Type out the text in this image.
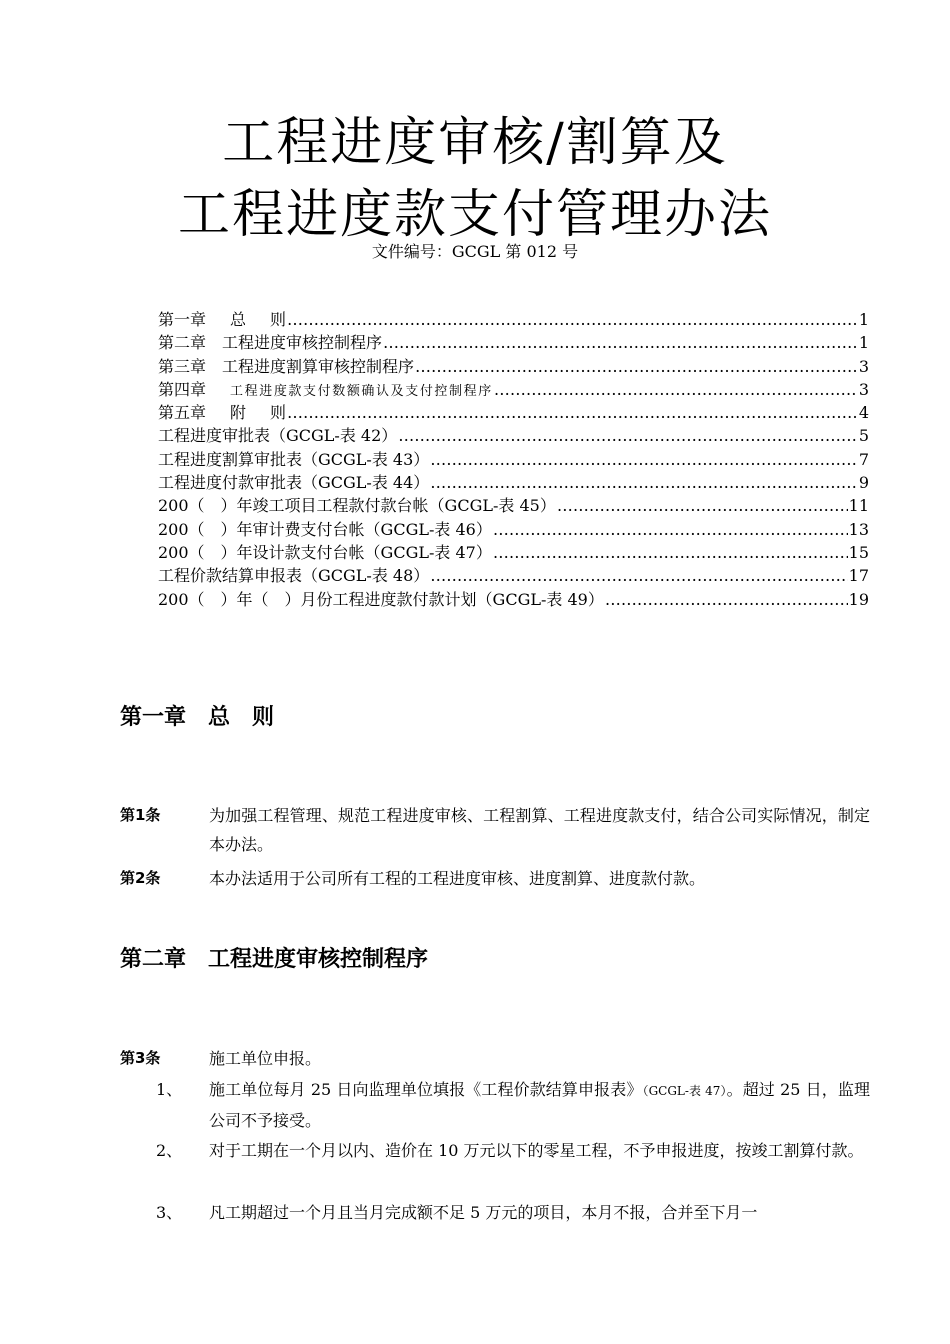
工程进度审核/割算及
工程进度款支付管理办法
文件编号：GCGL 第 012 号
第一章 总 则 ……………………………………………………………………………………………………………………………………………………………………………………………………………………………………	1
第二章　工程进度审核控制程序 ……………………………………………………………………………………………………………………………………………………………………………………………………………………………………	1
第三章　工程进度割算审核控制程序 ……………………………………………………………………………………………………………………………………………………………………………………………………………………………………	3
第四章 工程进度款支付数额确认及支付控制程序 ……………………………………………………………………………………………………………………………………………………………………………………………………………………………………	3
第五章 附 则 ……………………………………………………………………………………………………………………………………………………………………………………………………………………………………	4
工程进度审批表（GCGL-表 42） ……………………………………………………………………………………………………………………………………………………………………………………………………………………………………	5
工程进度割算审批表（GCGL-表 43） ……………………………………………………………………………………………………………………………………………………………………………………………………………………………………	7
工程进度付款审批表（GCGL-表 44） ……………………………………………………………………………………………………………………………………………………………………………………………………………………………………	9
200（　）年竣工项目工程款付款台帐（GCGL-表 45） ……………………………………………………………………………………………………………………………………………………………………………………………………………………………………	11
200（　）年审计费支付台帐（GCGL-表 46） ……………………………………………………………………………………………………………………………………………………………………………………………………………………………………	13
200（　）年设计款支付台帐（GCGL-表 47） ……………………………………………………………………………………………………………………………………………………………………………………………………………………………………	15
工程价款结算申报表（GCGL-表 48） ……………………………………………………………………………………………………………………………………………………………………………………………………………………………………	17
200（　）年（　）月份工程进度款付款计划（GCGL-表 49） ……………………………………………………………………………………………………………………………………………………………………………………………………………………………………	19
第一章 总 则
第1条	为加强工程管理、规范工程进度审核、工程割算、工程进度款支付，结合公司实际情况，制定本办法。
第2条	本办法适用于公司所有工程的工程进度审核、进度割算、进度款付款。
第二章 工程进度审核控制程序
第3条	施工单位申报。
1、 施工单位每月 25 日向监理单位填报《工程价款结算申报表》（GCGL-表 47）。超过 25 日，监理公司不予接受。
2、 对于工期在一个月以内、造价在 10 万元以下的零星工程，不予申报进度，按竣工割算付款。
3、 凡工期超过一个月且当月完成额不足 5 万元的项目，本月不报，合并至下月一
